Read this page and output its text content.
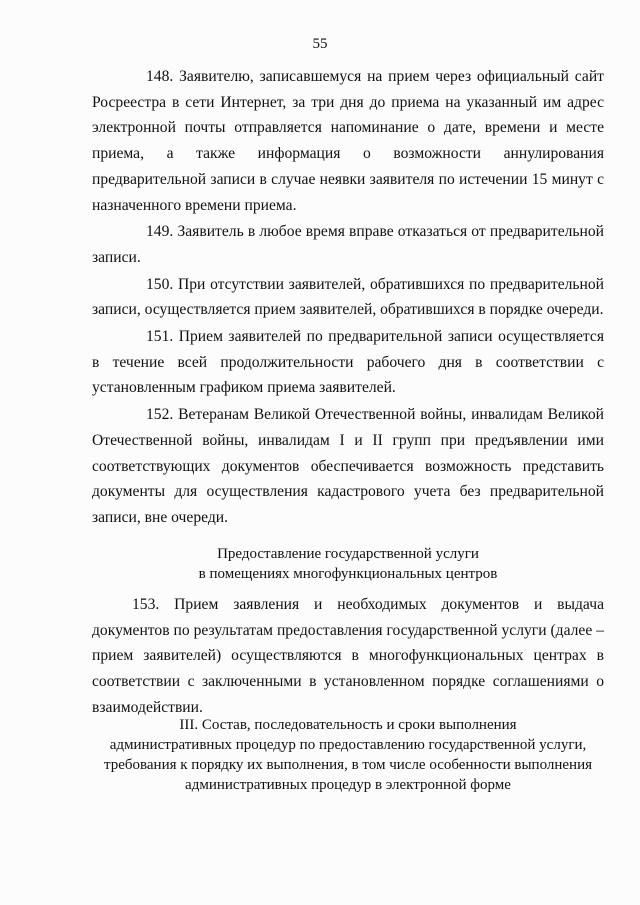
55

148. Заявителю, записавшемуся на прием через официальный сайт Росреестра в сети Интернет, за три дня до приема на указанный им адрес электронной почты отправляется напоминание о дате, времени и месте приема, а также информация о возможности аннулирования предварительной записи в случае неявки заявителя по истечении 15 минут с назначенного времени приема.

149. Заявитель в любое время вправе отказаться от предварительной записи.

150. При отсутствии заявителей, обратившихся по предварительной записи, осуществляется прием заявителей, обратившихся в порядке очереди.

151. Прием заявителей по предварительной записи осуществляется в течение всей продолжительности рабочего дня в соответствии с установленным графиком приема заявителей.

152. Ветеранам Великой Отечественной войны, инвалидам Великой Отечественной войны, инвалидам I и II групп при предъявлении ими соответствующих документов обеспечивается возможность представить документы для осуществления кадастрового учета без предварительной записи, вне очереди.

Предоставление государственной услуги
в помещениях многофункциональных центров

153. Прием заявления и необходимых документов и выдача документов по результатам предоставления государственной услуги (далее – прием заявителей) осуществляются в многофункциональных центрах в соответствии с заключенными в установленном порядке соглашениями о взаимодействии.

III. Состав, последовательность и сроки выполнения
административных процедур по предоставлению государственной услуги,
требования к порядку их выполнения, в том числе особенности выполнения
административных процедур в электронной форме
